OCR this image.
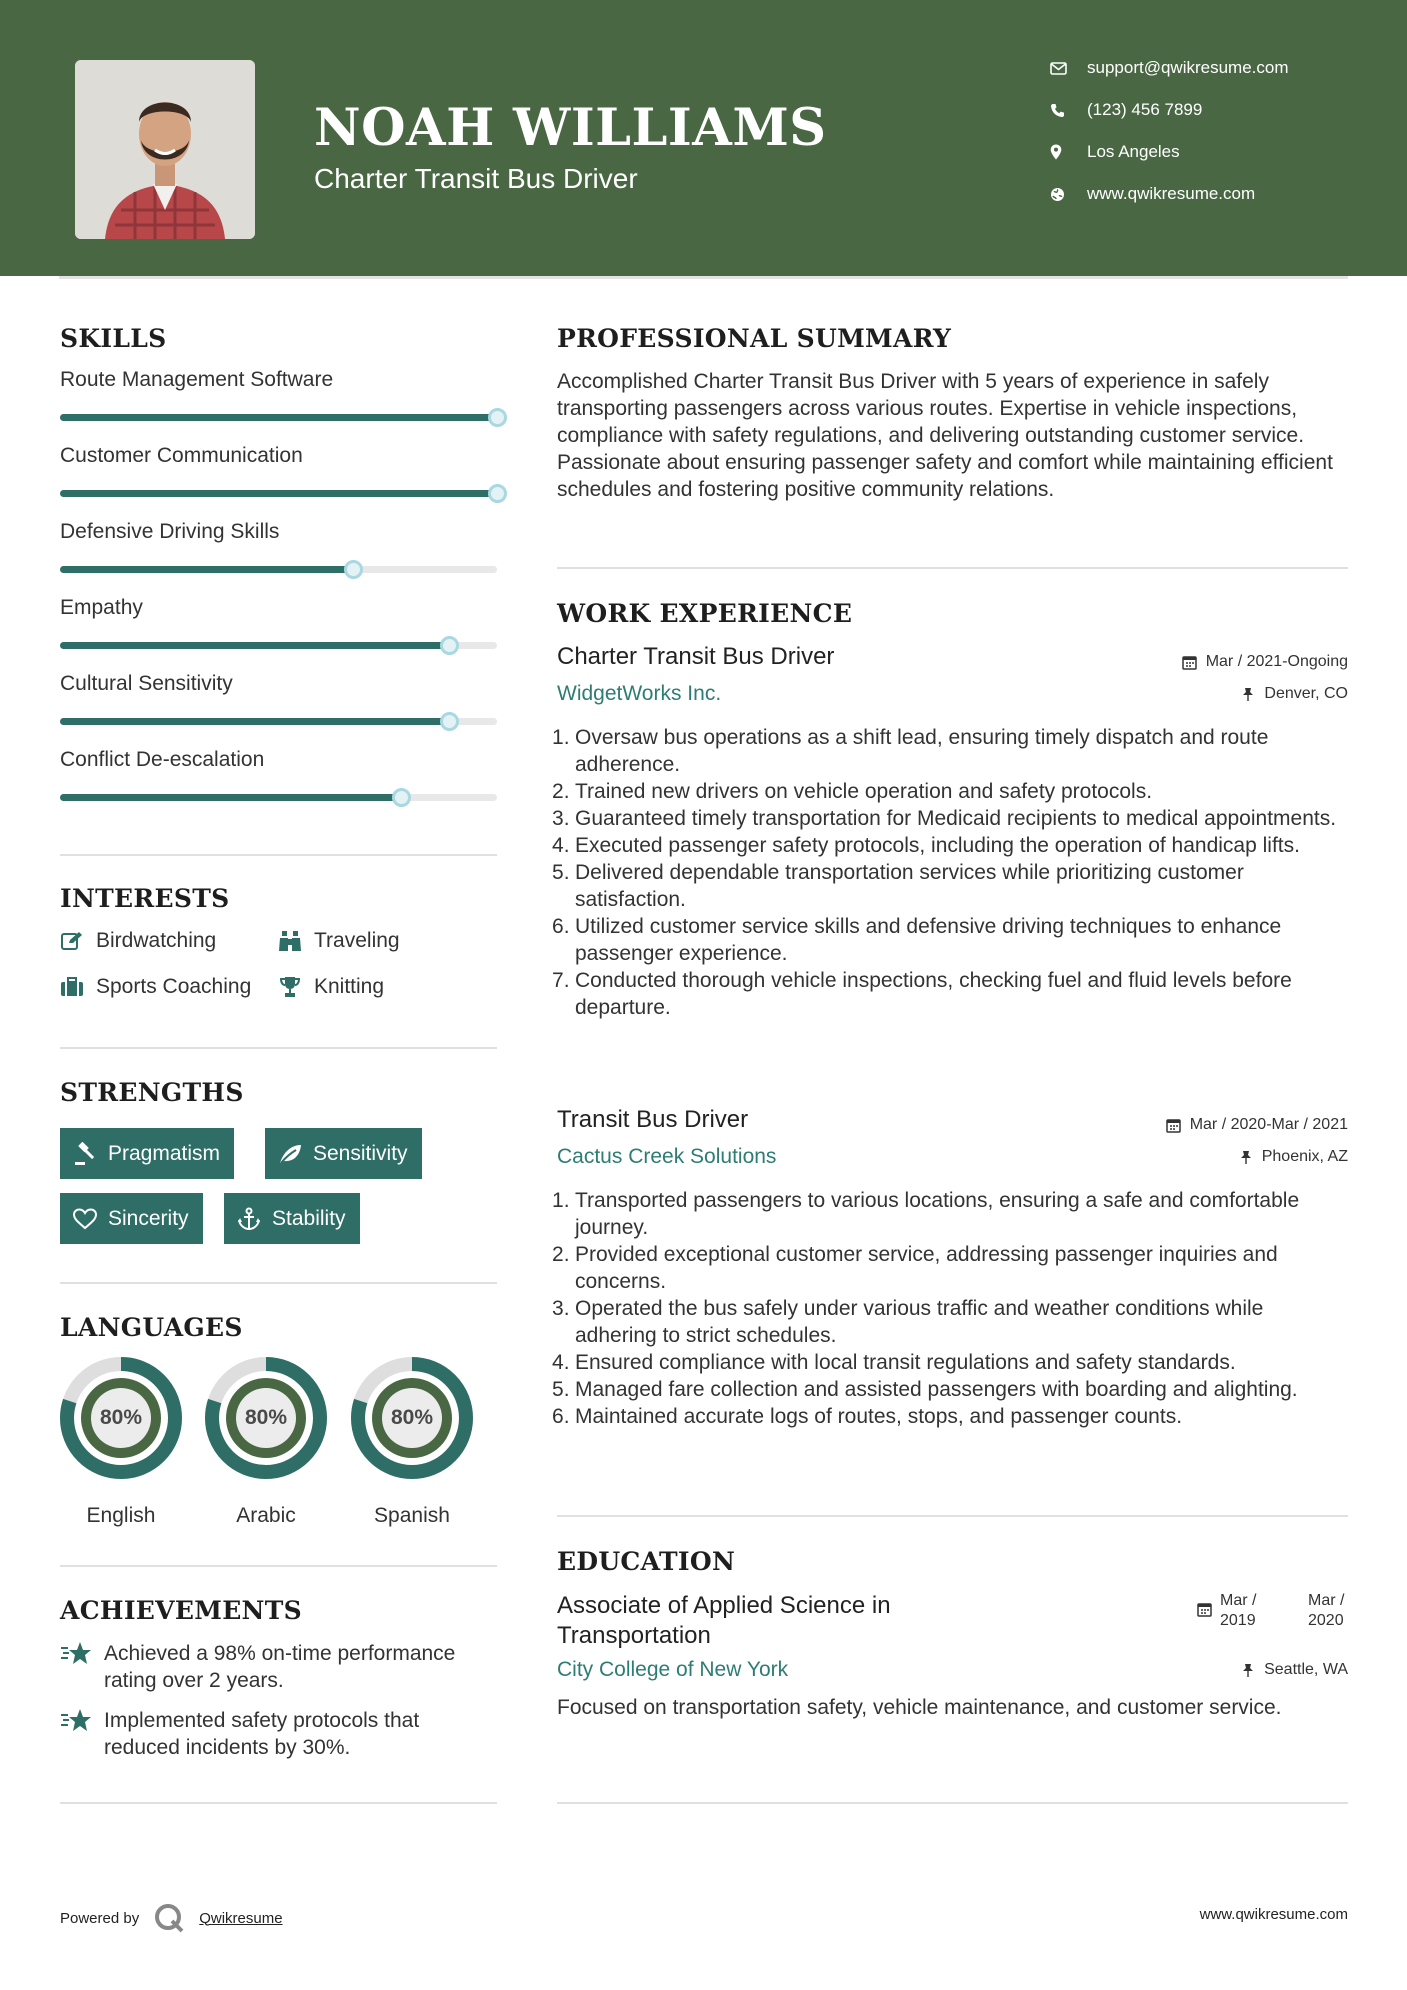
NOAH WILLIAMS
Charter Transit Bus Driver
support@qwikresume.com
(123) 456 7899
Los Angeles
www.qwikresume.com
SKILLS
Route Management Software
Customer Communication
Defensive Driving Skills
Empathy
Cultural Sensitivity
Conflict De-escalation
INTERESTS
Birdwatching	Traveling
Sports Coaching	Knitting
STRENGTHS
Pragmatism	Sensitivity
Sincerity	Stability
LANGUAGES
80%
English
80%
Arabic
80%
Spanish
ACHIEVEMENTS
Achieved a 98% on-time performance rating over 2 years.
Implemented safety protocols that reduced incidents by 30%.
PROFESSIONAL SUMMARY
Accomplished Charter Transit Bus Driver with 5 years of experience in safely transporting passengers across various routes. Expertise in vehicle inspections, compliance with safety regulations, and delivering outstanding customer service. Passionate about ensuring passenger safety and comfort while maintaining efficient schedules and fostering positive community relations.
WORK EXPERIENCE
Charter Transit Bus Driver	Mar / 2021-Ongoing
WidgetWorks Inc.	Denver, CO
Oversaw bus operations as a shift lead, ensuring timely dispatch and route adherence.
Trained new drivers on vehicle operation and safety protocols.
Guaranteed timely transportation for Medicaid recipients to medical appointments.
Executed passenger safety protocols, including the operation of handicap lifts.
Delivered dependable transportation services while prioritizing customer satisfaction.
Utilized customer service skills and defensive driving techniques to enhance passenger experience.
Conducted thorough vehicle inspections, checking fuel and fluid levels before departure.
Transit Bus Driver	Mar / 2020-Mar / 2021
Cactus Creek Solutions	Phoenix, AZ
Transported passengers to various locations, ensuring a safe and comfortable journey.
Provided exceptional customer service, addressing passenger inquiries and concerns.
Operated the bus safely under various traffic and weather conditions while adhering to strict schedules.
Ensured compliance with local transit regulations and safety standards.
Managed fare collection and assisted passengers with boarding and alighting.
Maintained accurate logs of routes, stops, and passenger counts.
EDUCATION
Associate of Applied Science in Transportation
Mar / 2019
Mar / 2020
City College of New York	Seattle, WA
Focused on transportation safety, vehicle maintenance, and customer service.
Powered by	Qwikresume	www.qwikresume.com
